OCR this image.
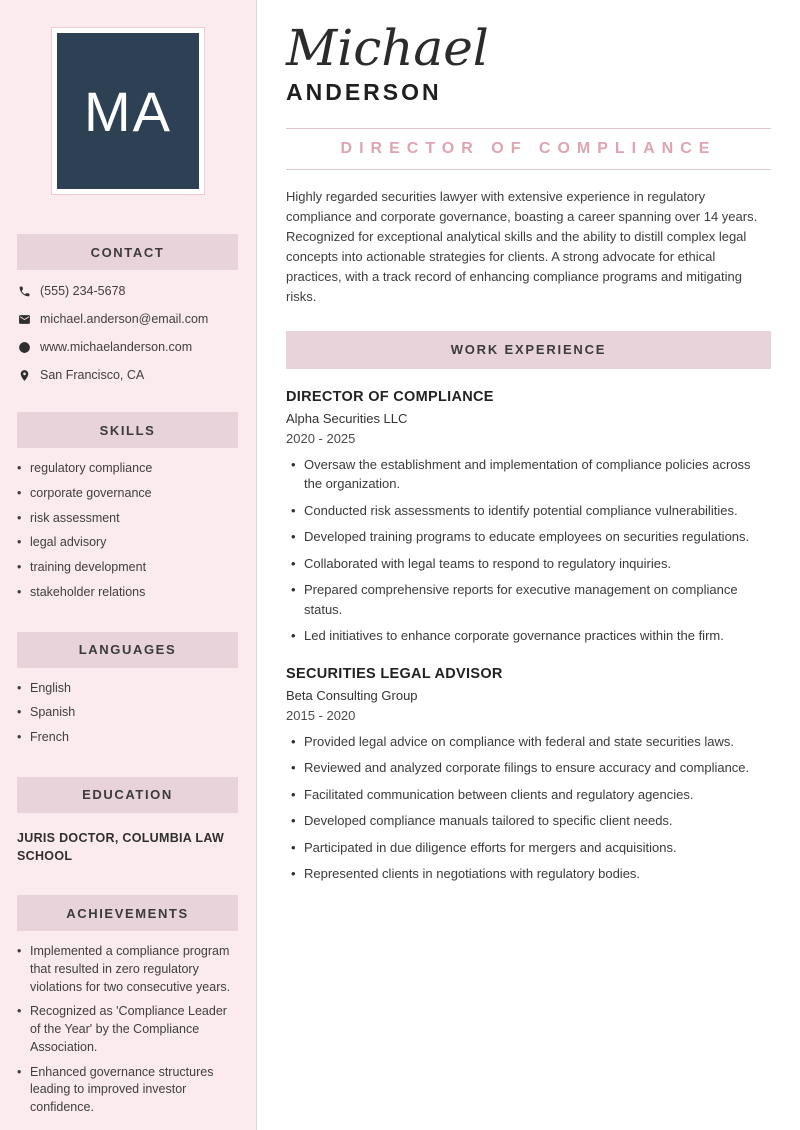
MA
CONTACT
(555) 234-5678
michael.anderson@email.com
www.michaelanderson.com
San Francisco, CA
SKILLS
• regulatory compliance
• corporate governance
• risk assessment
• legal advisory
• training development
• stakeholder relations
LANGUAGES
• English
• Spanish
• French
EDUCATION
JURIS DOCTOR, COLUMBIA LAW SCHOOL
ACHIEVEMENTS
• Implemented a compliance program that resulted in zero regulatory violations for two consecutive years.
• Recognized as 'Compliance Leader of the Year' by the Compliance Association.
• Enhanced governance structures leading to improved investor confidence.
Michael
ANDERSON
DIRECTOR OF COMPLIANCE

Highly regarded securities lawyer with extensive experience in regulatory compliance and corporate governance, boasting a career spanning over 14 years. Recognized for exceptional analytical skills and the ability to distill complex legal concepts into actionable strategies for clients. A strong advocate for ethical practices, with a track record of enhancing compliance programs and mitigating risks.

WORK EXPERIENCE
DIRECTOR OF COMPLIANCE
Alpha Securities LLC
2020 - 2025
• Oversaw the establishment and implementation of compliance policies across the organization.
• Conducted risk assessments to identify potential compliance vulnerabilities.
• Developed training programs to educate employees on securities regulations.
• Collaborated with legal teams to respond to regulatory inquiries.
• Prepared comprehensive reports for executive management on compliance status.
• Led initiatives to enhance corporate governance practices within the firm.
SECURITIES LEGAL ADVISOR
Beta Consulting Group
2015 - 2020
• Provided legal advice on compliance with federal and state securities laws.
• Reviewed and analyzed corporate filings to ensure accuracy and compliance.
• Facilitated communication between clients and regulatory agencies.
• Developed compliance manuals tailored to specific client needs.
• Participated in due diligence efforts for mergers and acquisitions.
• Represented clients in negotiations with regulatory bodies.
